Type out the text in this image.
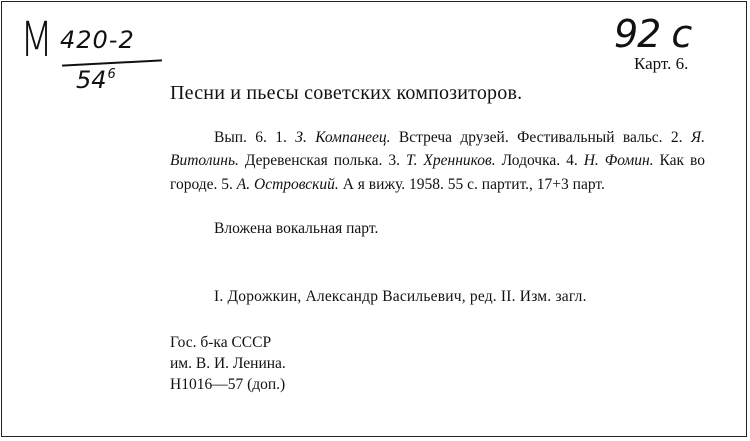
M 420-2
$54^6$
92 с
Карт. 6.
Песни и пьесы советских композиторов.

Вып. 6. 1. З. Компанеец. Встреча друзей. Фестивальный вальс. 2. Я. Витолинь. Деревенская полька. 3. Т. Хренников. Лодочка. 4. Н. Фомин. Как во городе. 5. А. Островский. А я вижу. 1958. 55 с. партит., 17+3 парт.

Вложена вокальная парт.
I. Дорожкин, Александр Васильевич, ред. II. Изм. загл.
Гос. б-ка СССР
им. В. И. Ленина.
Н1016—57 (доп.)
